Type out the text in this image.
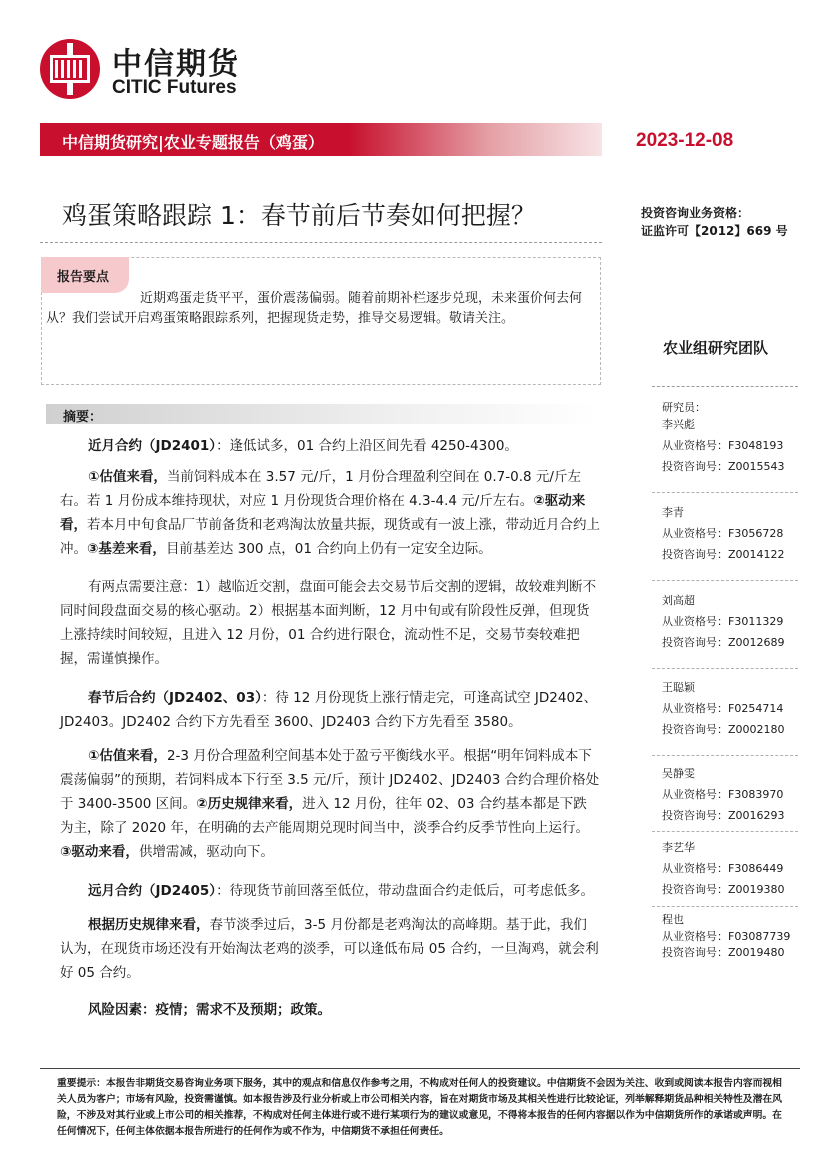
中信期货
CITIC Futures
中信期货研究|农业专题报告（鸡蛋）	2023-12-08
鸡蛋策略跟踪 1：春节前后节奏如何把握？	投资咨询业务资格：
证监许可【2012】669 号
报告要点
近期鸡蛋走货平平，蛋价震荡偏弱。随着前期补栏逐步兑现，未来蛋价何去何从？我们尝试开启鸡蛋策略跟踪系列，把握现货走势，推导交易逻辑。敬请关注。
摘要：

近月合约（JD2401）：逢低试多，01 合约上沿区间先看 4250-4300。

①估值来看，当前饲料成本在 3.57 元/斤，1 月份合理盈利空间在 0.7-0.8 元/斤左右。若 1 月份成本维持现状，对应 1 月份现货合理价格在 4.3-4.4 元/斤左右。②驱动来看，若本月中旬食品厂节前备货和老鸡淘汰放量共振，现货或有一波上涨，带动近月合约上冲。③基差来看，目前基差达 300 点，01 合约向上仍有一定安全边际。

有两点需要注意：1）越临近交割，盘面可能会去交易节后交割的逻辑，故较难判断不同时间段盘面交易的核心驱动。2）根据基本面判断，12 月中旬或有阶段性反弹，但现货上涨持续时间较短，且进入 12 月份，01 合约进行限仓，流动性不足，交易节奏较难把握，需谨慎操作。

春节后合约（JD2402、03）：待 12 月份现货上涨行情走完，可逢高试空 JD2402、JD2403。JD2402 合约下方先看至 3600、JD2403 合约下方先看至 3580。

①估值来看，2-3 月份合理盈利空间基本处于盈亏平衡线水平。根据“明年饲料成本下震荡偏弱”的预期，若饲料成本下行至 3.5 元/斤，预计 JD2402、JD2403 合约合理价格处于 3400-3500 区间。②历史规律来看，进入 12 月份，往年 02、03 合约基本都是下跌为主，除了 2020 年，在明确的去产能周期兑现时间当中，淡季合约反季节性向上运行。③驱动来看，供增需减，驱动向下。

远月合约（JD2405）：待现货节前回落至低位，带动盘面合约走低后，可考虑低多。

根据历史规律来看，春节淡季过后，3-5 月份都是老鸡淘汰的高峰期。基于此，我们认为，在现货市场还没有开始淘汰老鸡的淡季，可以逢低布局 05 合约，一旦淘鸡，就会利好 05 合约。

风险因素：疫情；需求不及预期；政策。

农业组研究团队
研究员：
李兴彪
从业资格号：F3048193
投资咨询号：Z0015543
李青
从业资格号：F3056728
投资咨询号：Z0014122
刘高超
从业资格号：F3011329
投资咨询号：Z0012689
王聪颖
从业资格号：F0254714
投资咨询号：Z0002180
吴静雯
从业资格号：F3083970
投资咨询号：Z0016293
李艺华
从业资格号：F3086449
投资咨询号：Z0019380
程也
从业资格号：F03087739
投资咨询号：Z0019480
重要提示：本报告非期货交易咨询业务项下服务，其中的观点和信息仅作参考之用，不构成对任何人的投资建议。中信期货不会因为关注、收到或阅读本报告内容而视相关人员为客户；市场有风险，投资需谨慎。如本报告涉及行业分析或上市公司相关内容，旨在对期货市场及其相关性进行比较论证，列举解释期货品种相关特性及潜在风险，不涉及对其行业或上市公司的相关推荐，不构成对任何主体进行或不进行某项行为的建议或意见，不得将本报告的任何内容据以作为中信期货所作的承诺或声明。在任何情况下，任何主体依据本报告所进行的任何作为或不作为，中信期货不承担任何责任。
